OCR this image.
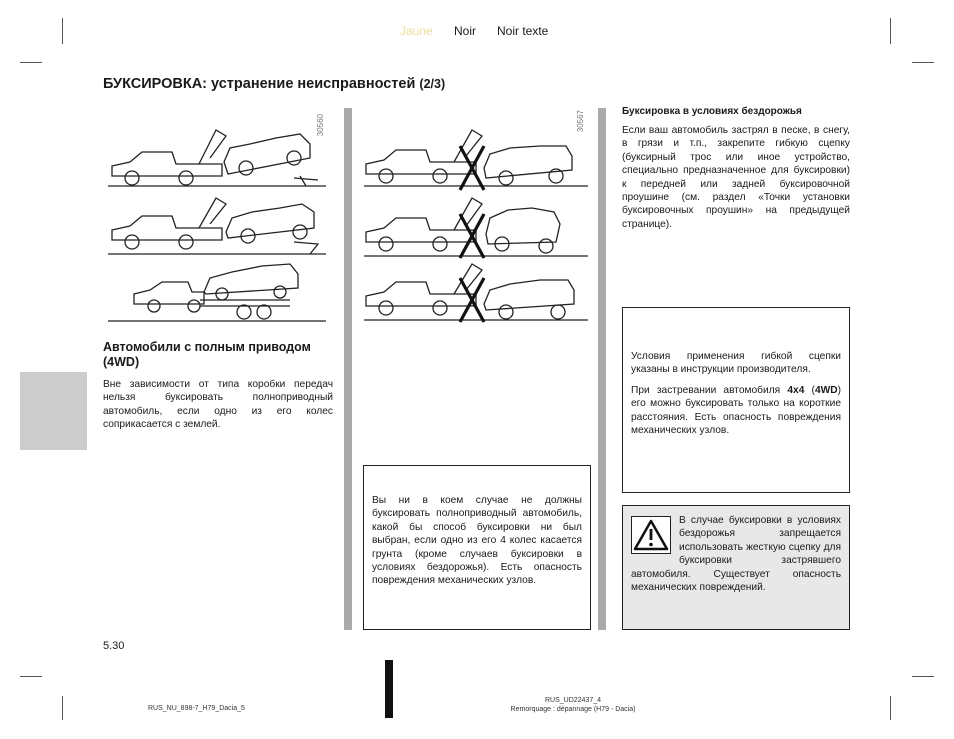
Jaune Noir Noir texte
БУКСИРОВКА: устранение неисправностей (2/3)
30560
Автомобили с полным приводом (4WD)
Вне зависимости от типа коробки передач нельзя буксировать полноприводный автомобиль, если одно из его колес соприкасается с землей.
30567
Вы ни в коем случае не должны буксировать полноприводный автомобиль, какой бы способ буксировки ни был выбран, если одно из его 4 колес касается грунта (кроме случаев буксировки в условиях бездорожья). Есть опасность повреждения механических узлов.
Буксировка в условиях бездорожья
Если ваш автомобиль застрял в песке, в снегу, в грязи и т.п., закрепите гибкую сцепку (буксирный трос или иное устройство, специально предназначенное для буксировки) к передней или задней буксировочной проушине (см. раздел «Точки установки буксировочных проушин» на предыдущей странице).
Условия применения гибкой сцепки указаны в инструкции производителя.
При застревании автомобиля 4x4 (4WD) его можно буксировать только на короткие расстояния. Есть опасность повреждения механических узлов.
В случае буксировки в условиях бездорожья запрещается использовать жесткую сцепку для буксировки застрявшего автомобиля. Существует опасность механических повреждений.
5.30
RUS_NU_898-7_H79_Dacia_5
RUS_UD22437_4
Remorquage : dépannage (H79 - Dacia)
